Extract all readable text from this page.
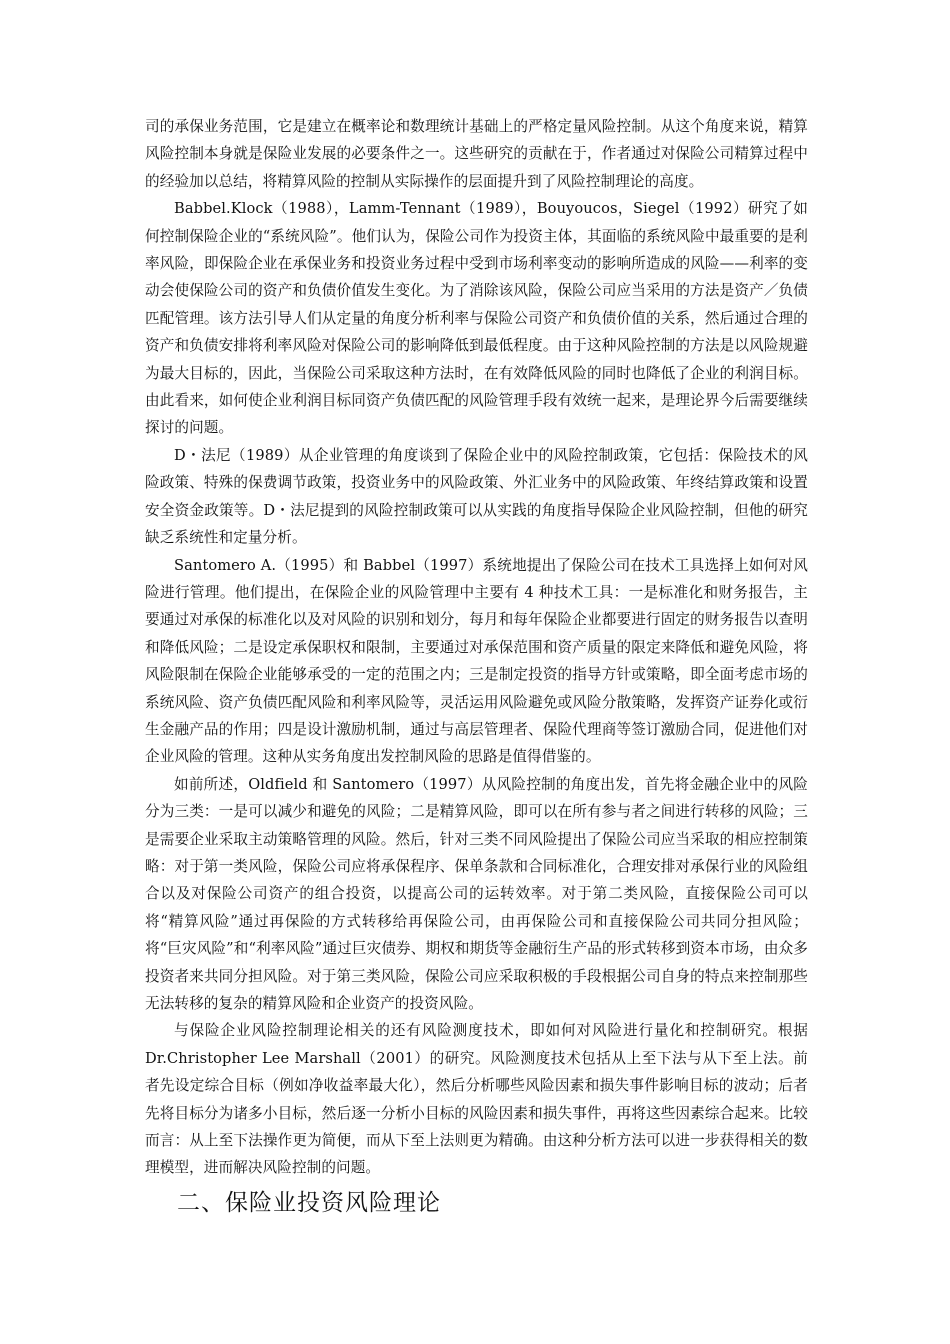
司的承保业务范围，它是建立在概率论和数理统计基础上的严格定量风险控制。从这个角度来说，精算风险控制本身就是保险业发展的必要条件之一。这些研究的贡献在于，作者通过对保险公司精算过程中的经验加以总结，将精算风险的控制从实际操作的层面提升到了风险控制理论的高度。

Babbel.Klock（1988），Lamm-Tennant（1989），Bouyoucos，Siegel（1992）研究了如何控制保险企业的“系统风险”。他们认为，保险公司作为投资主体，其面临的系统风险中最重要的是利率风险，即保险企业在承保业务和投资业务过程中受到市场利率变动的影响所造成的风险——利率的变动会使保险公司的资产和负债价值发生变化。为了消除该风险，保险公司应当采用的方法是资产／负债匹配管理。该方法引导人们从定量的角度分析利率与保险公司资产和负债价值的关系，然后通过合理的资产和负债安排将利率风险对保险公司的影响降低到最低程度。由于这种风险控制的方法是以风险规避为最大目标的，因此，当保险公司采取这种方法时，在有效降低风险的同时也降低了企业的利润目标。由此看来，如何使企业利润目标同资产负债匹配的风险管理手段有效统一起来，是理论界今后需要继续探讨的问题。

D・法尼（1989）从企业管理的角度谈到了保险企业中的风险控制政策，它包括：保险技术的风险政策、特殊的保费调节政策，投资业务中的风险政策、外汇业务中的风险政策、年终结算政策和设置安全资金政策等。D・法尼提到的风险控制政策可以从实践的角度指导保险企业风险控制，但他的研究缺乏系统性和定量分析。

Santomero A.（1995）和 Babbel（1997）系统地提出了保险公司在技术工具选择上如何对风险进行管理。他们提出，在保险企业的风险管理中主要有 4 种技术工具：一是标准化和财务报告，主要通过对承保的标准化以及对风险的识别和划分，每月和每年保险企业都要进行固定的财务报告以查明和降低风险；二是设定承保职权和限制，主要通过对承保范围和资产质量的限定来降低和避免风险，将风险限制在保险企业能够承受的一定的范围之内；三是制定投资的指导方针或策略，即全面考虑市场的系统风险、资产负债匹配风险和利率风险等，灵活运用风险避免或风险分散策略，发挥资产证券化或衍生金融产品的作用；四是设计激励机制，通过与高层管理者、保险代理商等签订激励合同，促进他们对企业风险的管理。这种从实务角度出发控制风险的思路是值得借鉴的。

如前所述，Oldfield 和 Santomero（1997）从风险控制的角度出发，首先将金融企业中的风险分为三类：一是可以减少和避免的风险；二是精算风险，即可以在所有参与者之间进行转移的风险；三是需要企业采取主动策略管理的风险。然后，针对三类不同风险提出了保险公司应当采取的相应控制策略：对于第一类风险，保险公司应将承保程序、保单条款和合同标准化，合理安排对承保行业的风险组合以及对保险公司资产的组合投资，以提高公司的运转效率。对于第二类风险，直接保险公司可以将“精算风险”通过再保险的方式转移给再保险公司，由再保险公司和直接保险公司共同分担风险；将“巨灾风险”和“利率风险”通过巨灾债券、期权和期货等金融衍生产品的形式转移到资本市场，由众多投资者来共同分担风险。对于第三类风险，保险公司应采取积极的手段根据公司自身的特点来控制那些无法转移的复杂的精算风险和企业资产的投资风险。

与保险企业风险控制理论相关的还有风险测度技术，即如何对风险进行量化和控制研究。根据 Dr.Christopher Lee Marshall（2001）的研究。风险测度技术包括从上至下法与从下至上法。前者先设定综合目标（例如净收益率最大化），然后分析哪些风险因素和损失事件影响目标的波动；后者先将目标分为诸多小目标，然后逐一分析小目标的风险因素和损失事件，再将这些因素综合起来。比较而言：从上至下法操作更为简便，而从下至上法则更为精确。由这种分析方法可以进一步获得相关的数理模型，进而解决风险控制的问题。

二、保险业投资风险理论
